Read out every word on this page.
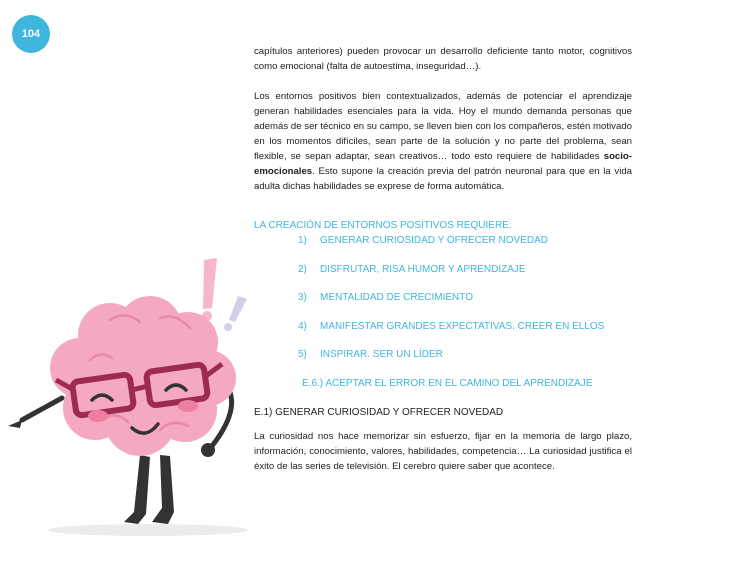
104

capítulos anteriores) pueden provocar un desarrollo deficiente tanto motor, cognitivos como emocional (falta de autoestima, inseguridad…).

Los entornos positivos bien contextualizados, además de potenciar el aprendizaje generan habilidades esenciales para la vida. Hoy el mundo demanda personas que además de ser técnico en su campo, se lleven bien con los compañeros, estén motivado en los momentos difíciles, sean parte de la solución y no parte del problema, sean flexible, se sepan adaptar, sean creativos… todo esto requiere de habilidades socio-emocionales. Esto supone la creación previa del patrón neuronal para que en la vida adulta dichas habilidades se exprese de forma automática.

LA CREACIÓN DE ENTORNOS POSITIVOS REQUIERE:

1) GENERAR CURIOSIDAD Y OFRECER NOVEDAD
2) DISFRUTAR, RISA HUMOR Y APRENDIZAJE
3) MENTALIDAD DE CRECIMIENTO
4) MANIFESTAR GRANDES EXPECTATIVAS. CREER EN ELLOS
5) INSPIRAR. SER UN LÍDER
E.6.) ACEPTAR EL ERROR EN EL CAMINO DEL APRENDIZAJE

E.1) GENERAR CURIOSIDAD Y OFRECER NOVEDAD

La curiosidad nos hace memorizar sin esfuerzo, fijar en la memoria de largo plazo, información, conocimiento, valores, habilidades, competencia… La curiosidad justifica el éxito de las series de televisión. El cerebro quiere saber que acontece.
